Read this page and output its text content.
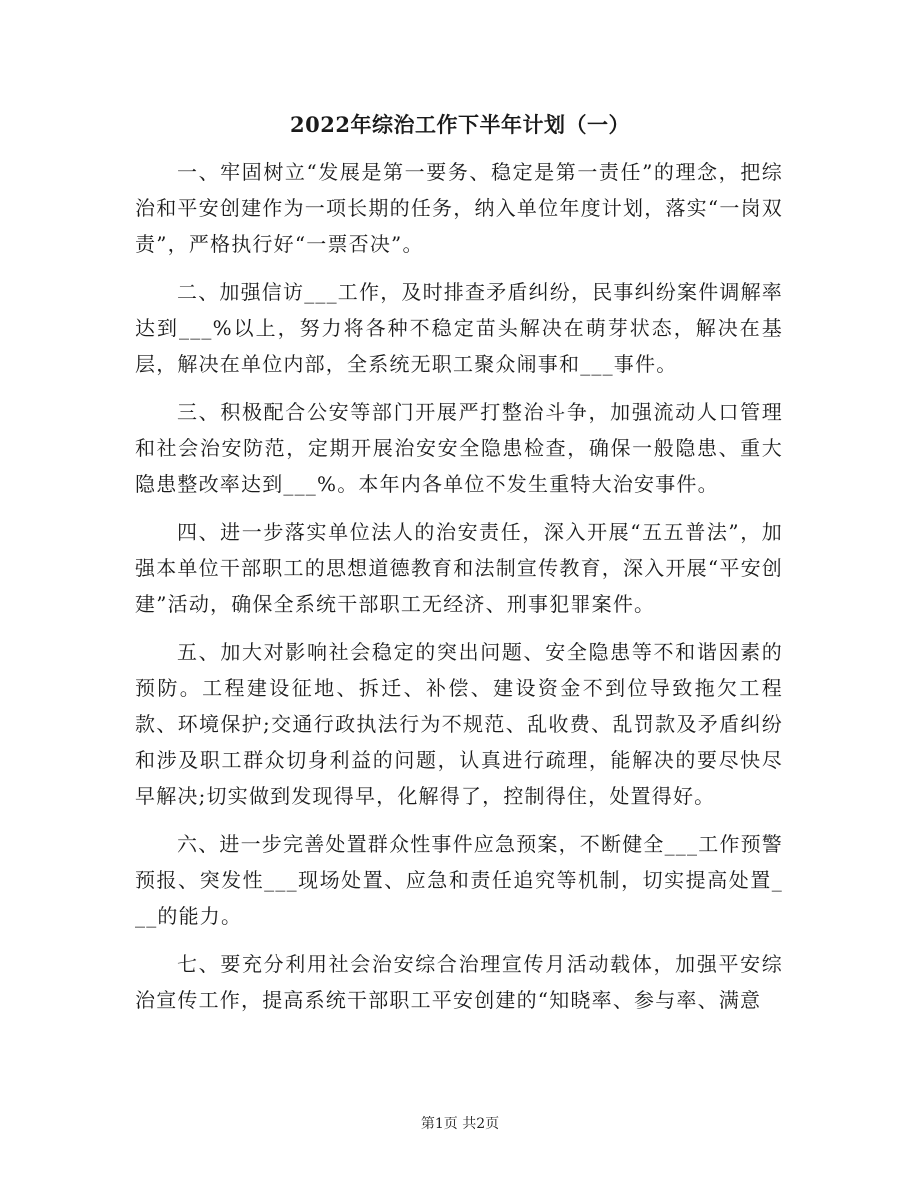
2022年综治工作下半年计划（一）

一、牢固树立“发展是第一要务、稳定是第一责任”的理念，把综治和平安创建作为一项长期的任务，纳入单位年度计划，落实“一岗双责”，严格执行好“一票否决”。

二、加强信访___工作，及时排查矛盾纠纷，民事纠纷案件调解率达到___%以上，努力将各种不稳定苗头解决在萌芽状态，解决在基层，解决在单位内部，全系统无职工聚众闹事和___事件。

三、积极配合公安等部门开展严打整治斗争，加强流动人口管理和社会治安防范，定期开展治安安全隐患检查，确保一般隐患、重大隐患整改率达到___%。本年内各单位不发生重特大治安事件。

四、进一步落实单位法人的治安责任，深入开展“五五普法”，加强本单位干部职工的思想道德教育和法制宣传教育，深入开展“平安创建”活动，确保全系统干部职工无经济、刑事犯罪案件。

五、加大对影响社会稳定的突出问题、安全隐患等不和谐因素的预防。工程建设征地、拆迁、补偿、建设资金不到位导致拖欠工程款、环境保护;交通行政执法行为不规范、乱收费、乱罚款及矛盾纠纷和涉及职工群众切身利益的问题，认真进行疏理，能解决的要尽快尽早解决;切实做到发现得早，化解得了，控制得住，处置得好。

六、进一步完善处置群众性事件应急预案，不断健全___工作预警预报、突发性___现场处置、应急和责任追究等机制，切实提高处置___的能力。

七、要充分利用社会治安综合治理宣传月活动载体，加强平安综治宣传工作，提高系统干部职工平安创建的“知晓率、参与率、满意

第1页 共2页
